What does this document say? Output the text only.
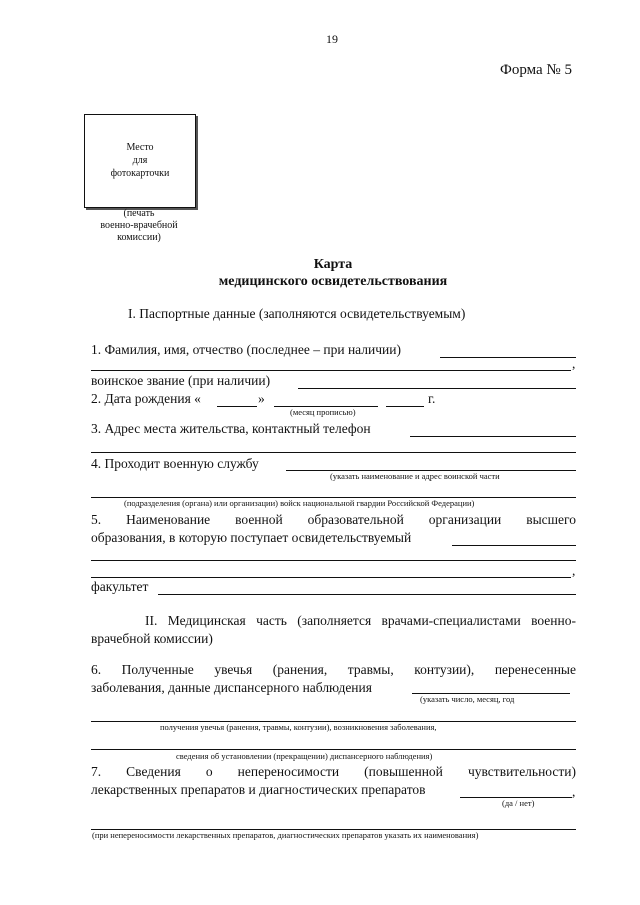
19
Форма № 5
Место
для
фотокарточки
(печать
военно-врачебной
комиссии)
Карта
медицинского освидетельствования
I. Паспортные данные (заполняются освидетельствуемым)
1. Фамилия, имя, отчество (последнее – при наличии)
,
воинское звание (при наличии)
2. Дата рождения «	»	г.
(месяц прописью)
3. Адрес места жительства, контактный телефон
4. Проходит военную службу
(указать наименование и адрес воинской части
(подразделения (органа) или организации) войск национальной гвардии Российской Федерации)
5. Наименование военной образовательной организации высшего
образования, в которую поступает освидетельствуемый
,
факультет
II. Медицинская часть (заполняется врачами-специалистами военно-
врачебной комиссии)
6. Полученные увечья (ранения, травмы, контузии), перенесенные
заболевания, данные диспансерного наблюдения
(указать число, месяц, год
получения увечья (ранения, травмы, контузии), возникновения заболевания,
сведения об установлении (прекращении) диспансерного наблюдения)
7. Сведения о непереносимости (повышенной чувствительности)
лекарственных препаратов и диагностических препаратов	,
(да / нет)
(при непереносимости лекарственных препаратов, диагностических препаратов указать их наименования)
